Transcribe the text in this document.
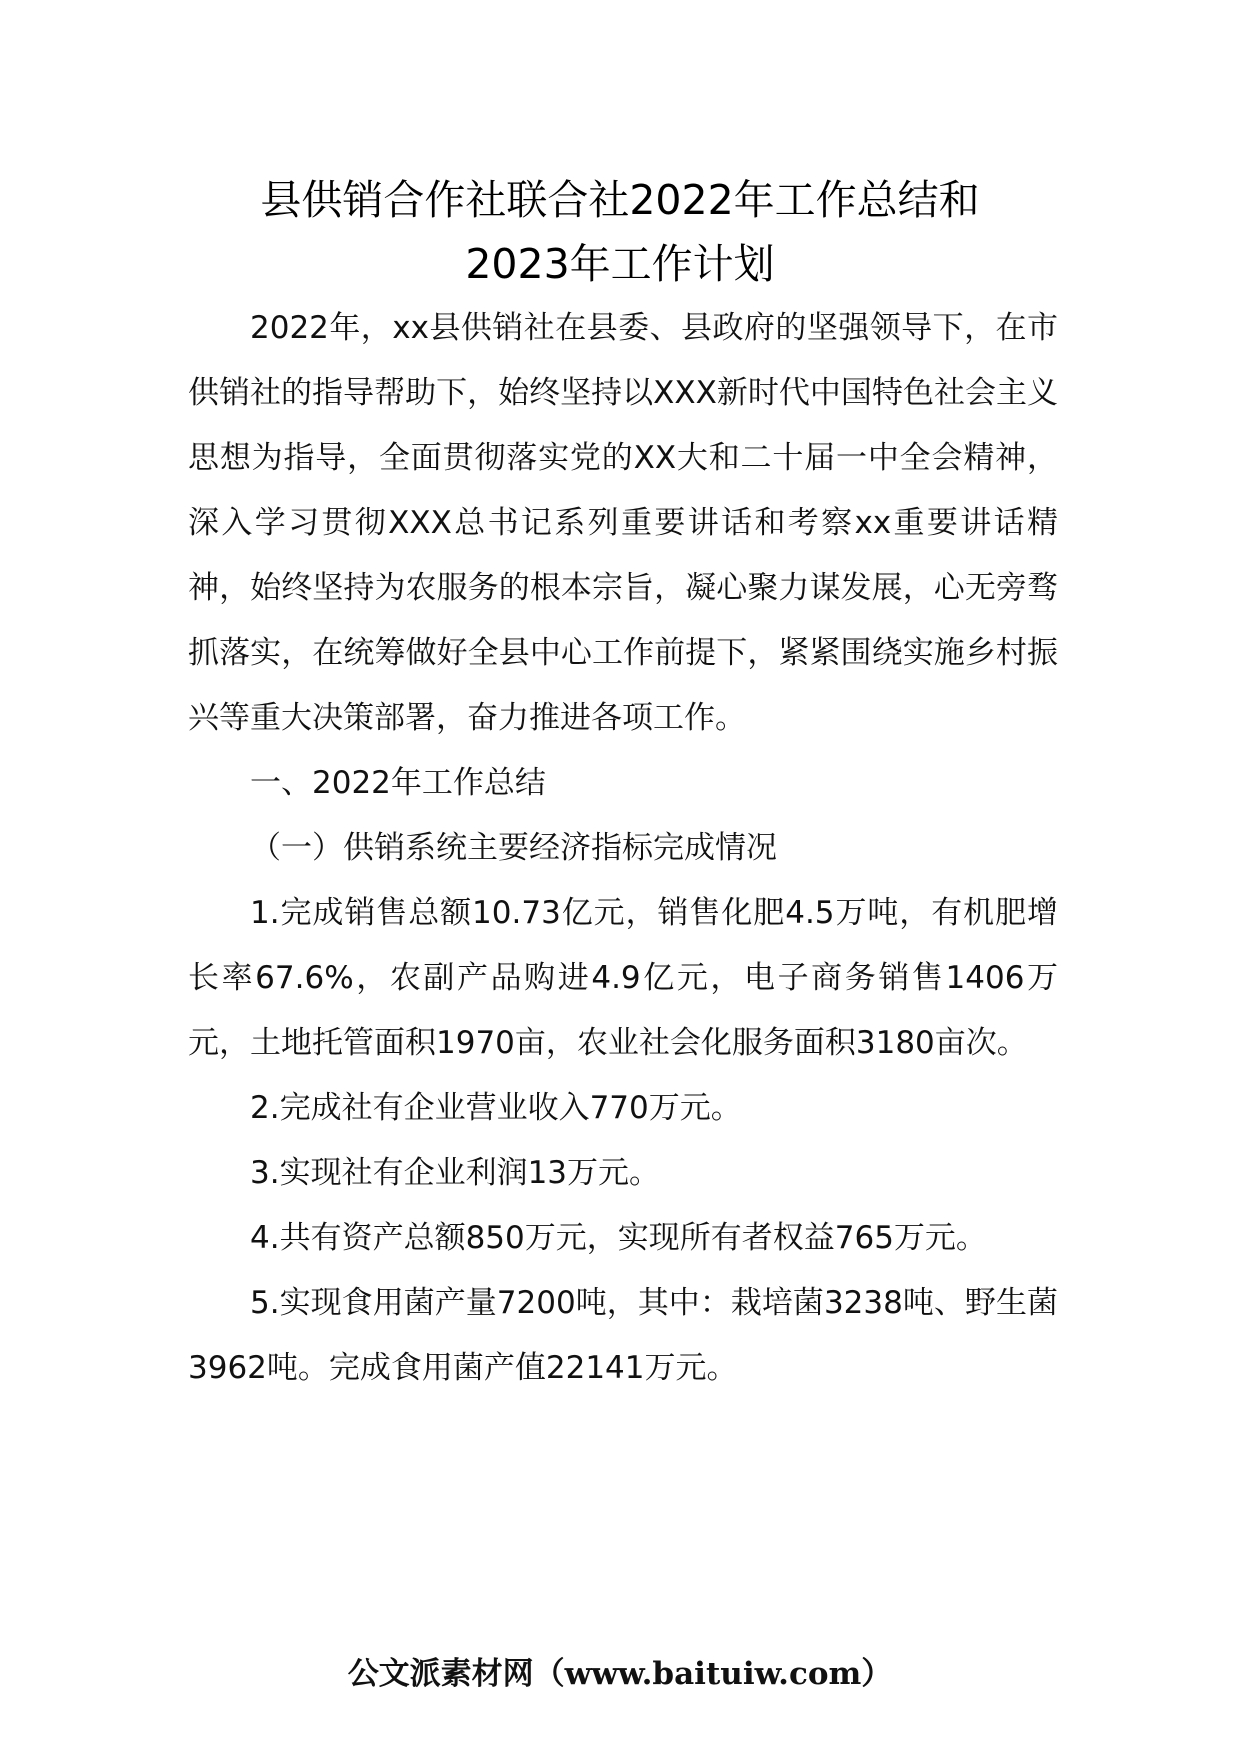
县供销合作社联合社2022年工作总结和
2023年工作计划

2022年，xx县供销社在县委、县政府的坚强领导下，在市供销社的指导帮助下，始终坚持以XXX新时代中国特色社会主义思想为指导，全面贯彻落实党的XX大和二十届一中全会精神，深入学习贯彻XXX总书记系列重要讲话和考察xx重要讲话精神，始终坚持为农服务的根本宗旨，凝心聚力谋发展，心无旁骛抓落实，在统筹做好全县中心工作前提下，紧紧围绕实施乡村振兴等重大决策部署，奋力推进各项工作。

一、2022年工作总结

（一）供销系统主要经济指标完成情况

1.完成销售总额10.73亿元，销售化肥4.5万吨，有机肥增长率67.6%，农副产品购进4.9亿元，电子商务销售1406万元，土地托管面积1970亩，农业社会化服务面积3180亩次。

2.完成社有企业营业收入770万元。

3.实现社有企业利润13万元。

4.共有资产总额850万元，实现所有者权益765万元。

5.实现食用菌产量7200吨，其中：栽培菌3238吨、野生菌3962吨。完成食用菌产值22141万元。

公文派素材网（www.baituiw.com）
